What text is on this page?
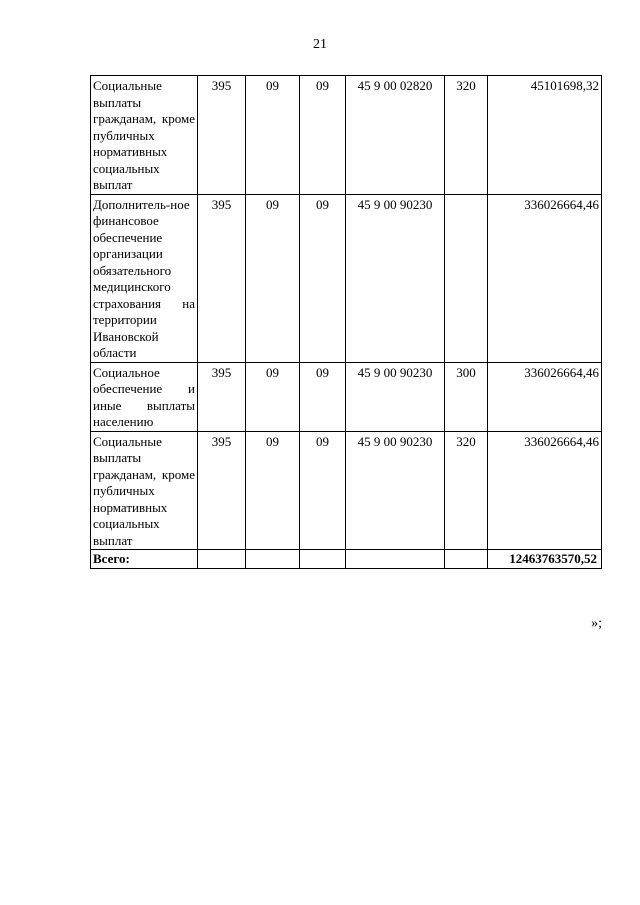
21
Социальные выплаты гражданам, кроме публичных нормативных социальных выплат	395	09	09	45 9 00 02820	320	45101698,32
Дополнитель-ное финансовое обеспечение организации обязательного медицинского страхования на территории Ивановской области	395	09	09	45 9 00 90230		336026664,46
Социальное обеспечение и иные выплаты населению	395	09	09	45 9 00 90230	300	336026664,46
Социальные выплаты гражданам, кроме публичных нормативных социальных выплат	395	09	09	45 9 00 90230	320	336026664,46
Всего:						12463763570,52
»;
